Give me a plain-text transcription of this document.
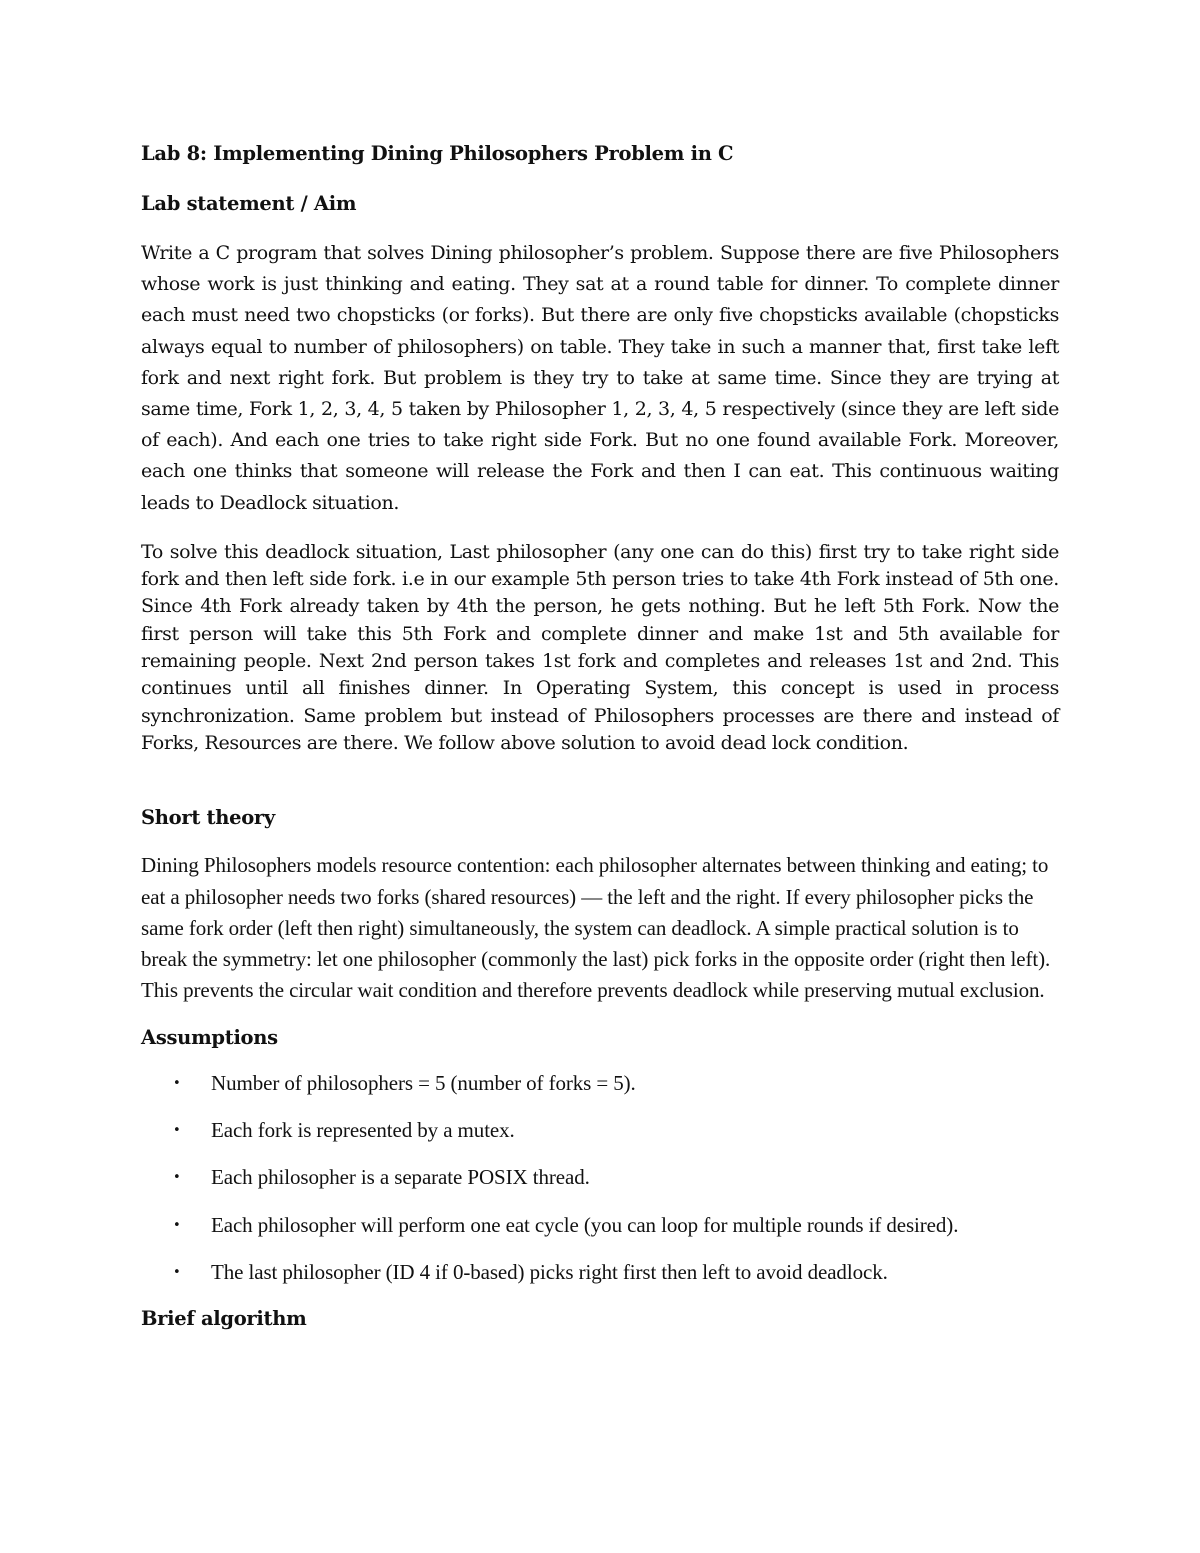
Lab 8: Implementing Dining Philosophers Problem in C
Lab statement / Aim

Write a C program that solves Dining philosopher’s problem. Suppose there are five Philosophers whose work is just thinking and eating. They sat at a round table for dinner. To complete dinner each must need two chopsticks (or forks). But there are only five chopsticks available (chopsticks always equal to number of philosophers) on table. They take in such a manner that, first take left fork and next right fork. But problem is they try to take at same time. Since they are trying at same time, Fork 1, 2, 3, 4, 5 taken by Philosopher 1, 2, 3, 4, 5 respectively (since they are left side of each). And each one tries to take right side Fork. But no one found available Fork. Moreover, each one thinks that someone will release the Fork and then I can eat. This continuous waiting leads to Deadlock situation.

To solve this deadlock situation, Last philosopher (any one can do this) first try to take right side fork and then left side fork. i.e in our example 5th person tries to take 4th Fork instead of 5th one. Since 4th Fork already taken by 4th the person, he gets nothing. But he left 5th Fork. Now the first person will take this 5th Fork and complete dinner and make 1st and 5th available for remaining people. Next 2nd person takes 1st fork and completes and releases 1st and 2nd. This continues until all finishes dinner. In Operating System, this concept is used in process synchronization. Same problem but instead of Philosophers processes are there and instead of Forks, Resources are there. We follow above solution to avoid dead lock condition.

Short theory

Dining Philosophers models resource contention: each philosopher alternates between thinking and eating; to eat a philosopher needs two forks (shared resources) — the left and the right. If every philosopher picks the same fork order (left then right) simultaneously, the system can deadlock. A simple practical solution is to break the symmetry: let one philosopher (commonly the last) pick forks in the opposite order (right then left). This prevents the circular wait condition and therefore prevents deadlock while preserving mutual exclusion.

Assumptions
• Number of philosophers = 5 (number of forks = 5).
• Each fork is represented by a mutex.
• Each philosopher is a separate POSIX thread.
• Each philosopher will perform one eat cycle (you can loop for multiple rounds if desired).
• The last philosopher (ID 4 if 0-based) picks right first then left to avoid deadlock.
Brief algorithm
